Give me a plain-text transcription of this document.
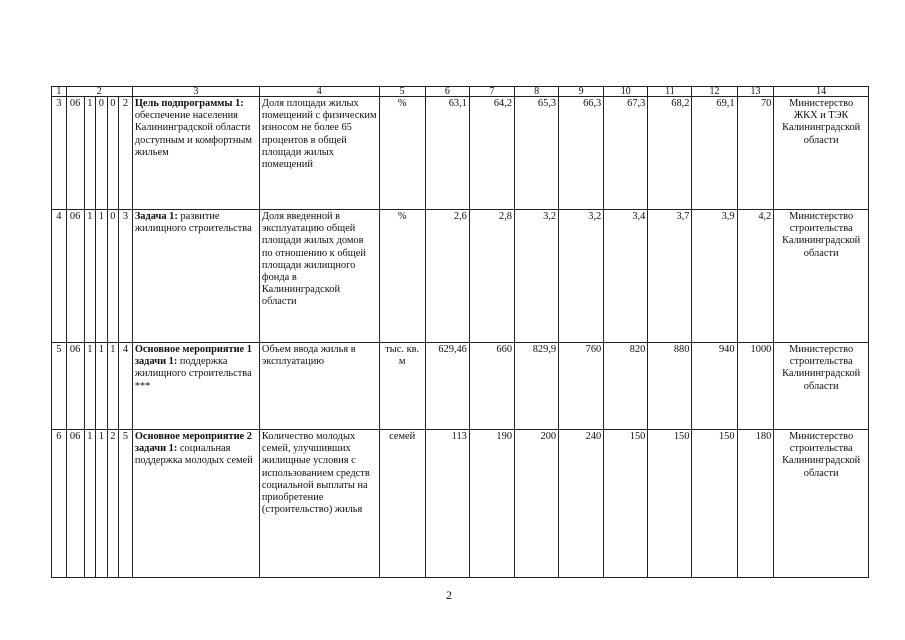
1	2					3	4	5	6	7	8	9	10	11	12	13	14
3	06	1	0	0	2	Цель подпрограммы 1: обеспечение населения Калининградской области доступным и комфортным жильем	Доля площади жилых помещений с физическим износом не более 65 процентов в общей площади жилых помещений	%	63,1	64,2	65,3	66,3	67,3	68,2	69,1	70	Министерство ЖКХ и ТЭК Калининградской области
4	06	1	1	0	3	Задача 1: развитие жилищного строительства	Доля введенной в эксплуатацию общей площади жилых домов по отношению к общей площади жилищного фонда в Калининградской области	%	2,6	2,8	3,2	3,2	3,4	3,7	3,9	4,2	Министерство строительства Калининградской области
5	06	1	1	1	4	Основное мероприятие 1 задачи 1: поддержка жилищного строительства ***	Объем ввода жилья в эксплуатацию	тыс. кв. м	629,46	660	829,9	760	820	880	940	1000	Министерство строительства Калининградской области
6	06	1	1	2	5	Основное мероприятие 2 задачи 1: социальная поддержка молодых семей	Количество молодых семей, улучшивших жилищные условия с использованием средств социальной выплаты на приобретение (строительство) жилья	семей	113	190	200	240	150	150	150	180	Министерство строительства Калининградской области
2
